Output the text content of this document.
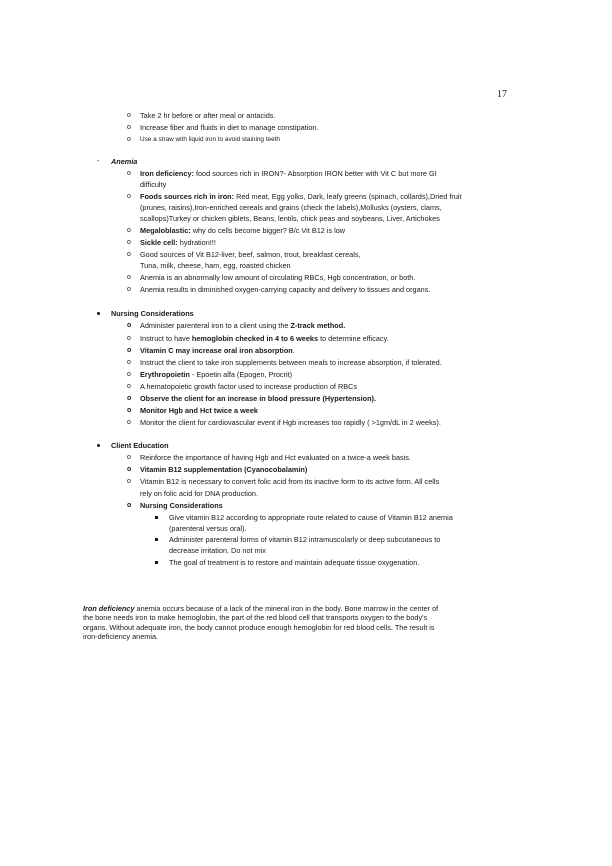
17
o Take 2 hr before or after meal or antacids.
o Increase fiber and fluids in diet to manage constipation.
o Use a straw with liquid iron to avoid staining teeth
- Anemia
o Iron deficiency: food sources rich in IRON?- Absorption IRON better with Vit C but more GI
difficulty
o Foods sources rich in iron: Red meat, Egg yolks, Dark, leafy greens (spinach, collards),Dried fruit
(prunes, raisins),Iron-enriched cereals and grains (check the labels),Mollusks (oysters, clams,
scallops)Turkey or chicken giblets, Beans, lentils, chick peas and soybeans, Liver, Artichokes
o Megaloblastic: why do cells become bigger? B/c Vit B12 is low
o Sickle cell: hydration!!!
o Good sources of Vit B12-liver, beef, salmon, trout, breakfast cereals,
Tuna, milk, cheese, ham, egg, roasted chicken
o Anemia is an abnormally low amount of circulating RBCs, Hgb concentration, or both.
o Anemia results in diminished oxygen-carrying capacity and delivery to tissues and organs.
Nursing Considerations
o Administer parenteral iron to a client using the Z-track method.
o Instruct to have hemoglobin checked in 4 to 6 weeks to determine efficacy.
o Vitamin C may increase oral iron absorption.
o Instruct the client to take iron supplements between meals to increase absorption, if tolerated.
o Erythropoietin - Epoetin alfa (Epogen, Procrit)
o A hematopoietic growth factor used to increase production of RBCs
o Observe the client for an increase in blood pressure (Hypertension).
o Monitor Hgb and Hct twice a week
o Monitor the client for cardiovascular event if Hgb increases too rapidly ( >1gm/dL in 2 weeks).
Client Education
o Reinforce the importance of having Hgb and Hct evaluated on a twice-a week basis.
o Vitamin B12 supplementation (Cyanocobalamin)
o Vitamin B12 is necessary to convert folic acid from its inactive form to its active form. All cells
rely on folic acid for DNA production.
o Nursing Considerations
Give vitamin B12 according to appropriate route related to cause of Vitamin B12 anemia
(parenteral versus oral).
Administer parenteral forms of vitamin B12 intramuscularly or deep subcutaneous to
decrease irritation. Do not mix
The goal of treatment is to restore and maintain adequate tissue oxygenation.
Iron deficiency anemia occurs because of a lack of the mineral iron in the body. Bone marrow in the center of
the bone needs iron to make hemoglobin, the part of the red blood cell that transports oxygen to the body's
organs. Without adequate iron, the body cannot produce enough hemoglobin for red blood cells. The result is
iron-deficiency anemia.
